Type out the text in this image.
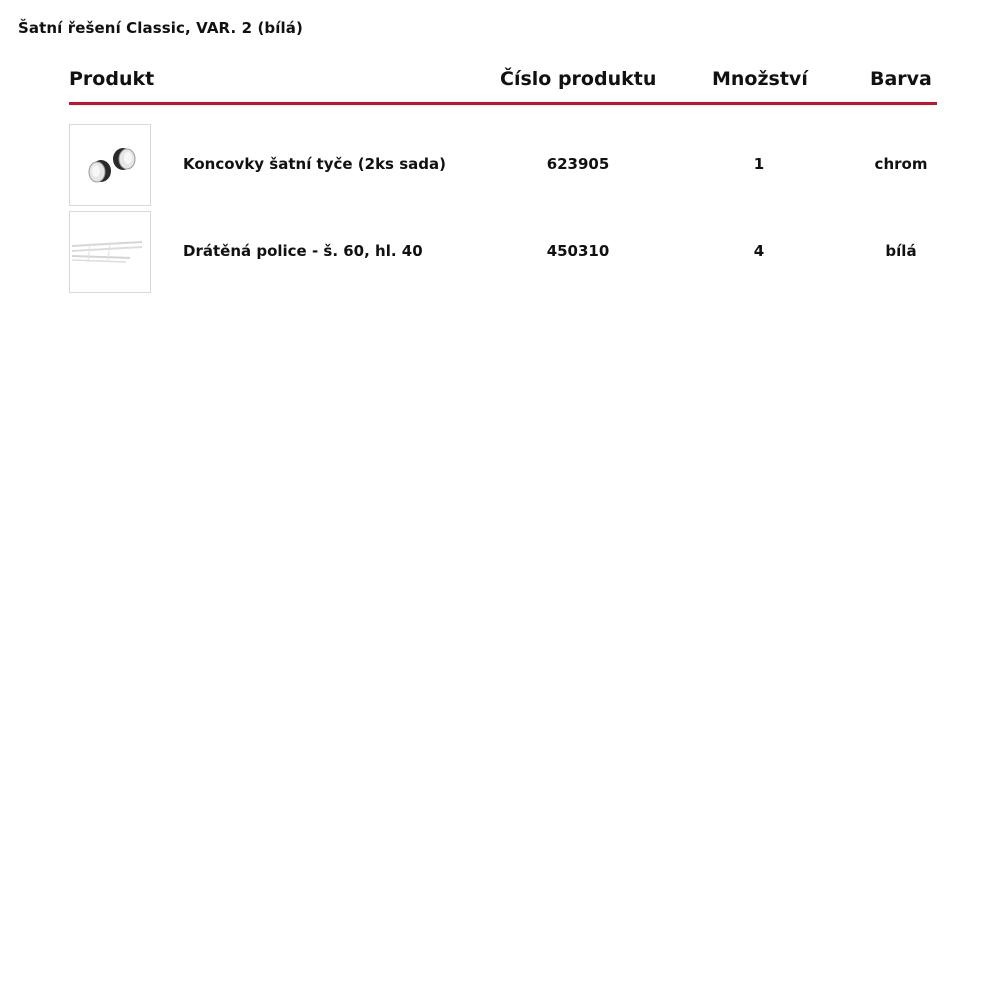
Šatní řešení Classic, VAR. 2 (bílá)
Produkt	Číslo produktu	Množství	Barva
Koncovky šatní tyče (2ks sada)	623905	1	chrom
Drátěná police - š. 60, hl. 40	450310	4	bílá
